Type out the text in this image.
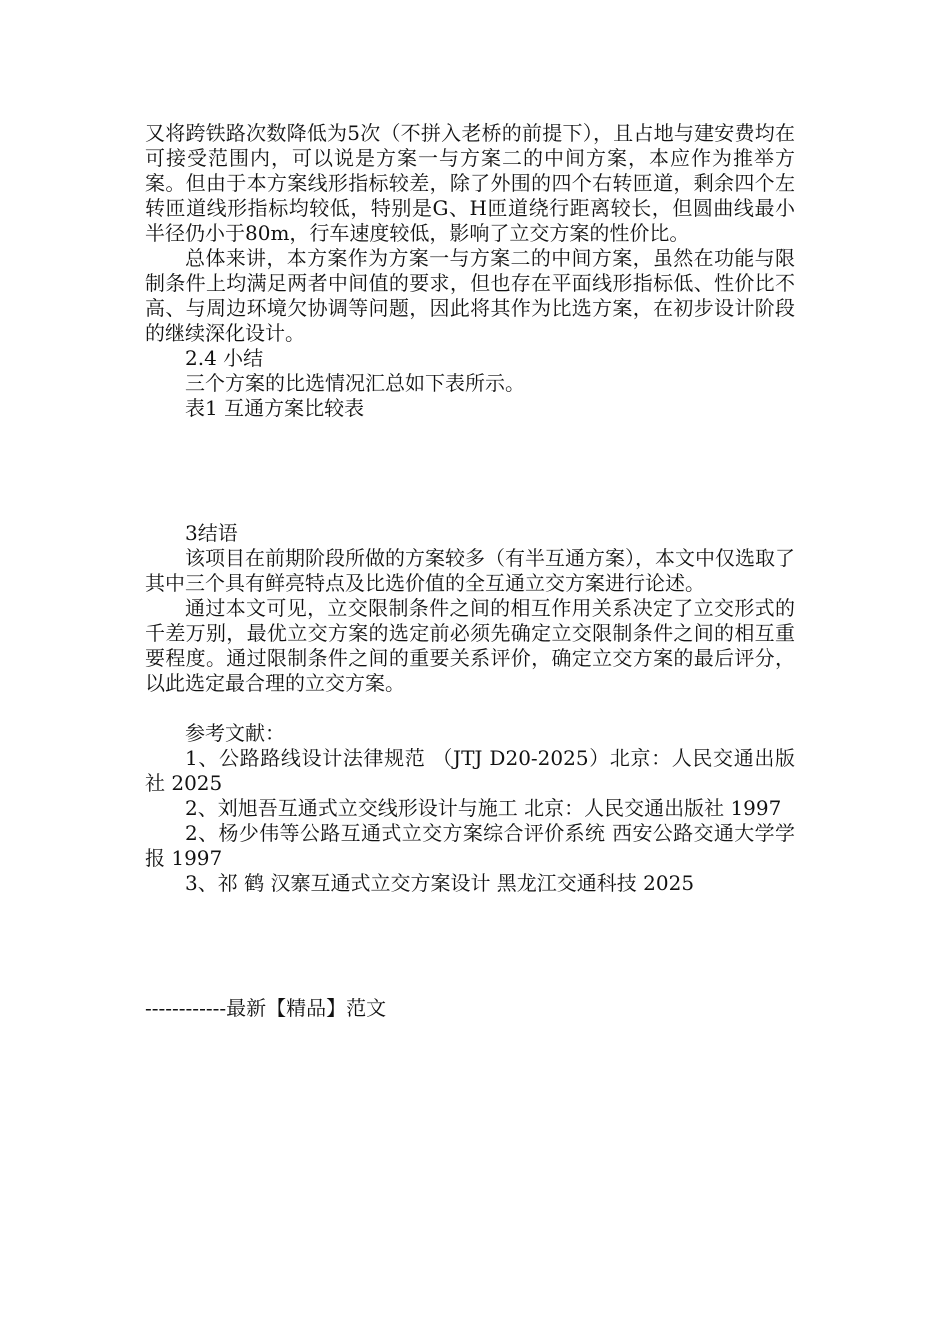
又将跨铁路次数降低为5次（不拼入老桥的前提下），且占地与建安费均在可接受范围内，可以说是方案一与方案二的中间方案，本应作为推举方案。但由于本方案线形指标较差，除了外围的四个右转匝道，剩余四个左转匝道线形指标均较低，特别是G、H匝道绕行距离较长，但圆曲线最小半径仍小于80m，行车速度较低，影响了立交方案的性价比。

总体来讲，本方案作为方案一与方案二的中间方案，虽然在功能与限制条件上均满足两者中间值的要求，但也存在平面线形指标低、性价比不高、与周边环境欠协调等问题，因此将其作为比选方案，在初步设计阶段的继续深化设计。

2.4 小结

三个方案的比选情况汇总如下表所示。

表1 互通方案比较表

3结语

该项目在前期阶段所做的方案较多（有半互通方案），本文中仅选取了其中三个具有鲜亮特点及比选价值的全互通立交方案进行论述。

通过本文可见，立交限制条件之间的相互作用关系决定了立交形式的千差万别，最优立交方案的选定前必须先确定立交限制条件之间的相互重要程度。通过限制条件之间的重要关系评价，确定立交方案的最后评分，以此选定最合理的立交方案。

参考文献：

1、公路路线设计法律规范 （JTJ D20-2025）北京：人民交通出版社 2025

2、刘旭吾互通式立交线形设计与施工 北京：人民交通出版社 1997

2、杨少伟等公路互通式立交方案综合评价系统 西安公路交通大学学报 1997

3、祁 鹤 汉寨互通式立交方案设计 黑龙江交通科技 2025

------------最新【精品】范文
